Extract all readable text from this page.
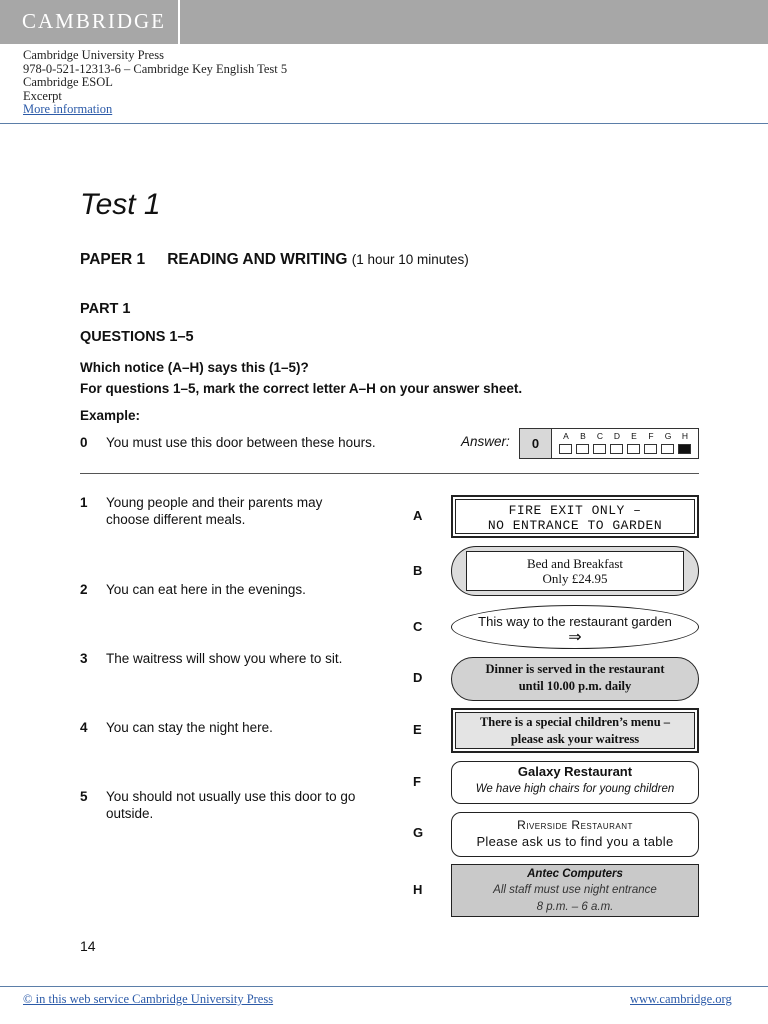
CAMBRIDGE
Cambridge University Press
978-0-521-12313-6 – Cambridge Key English Test 5
Cambridge ESOL
Excerpt
More information
Test 1
PAPER 1 READING AND WRITING (1 hour 10 minutes)
PART 1
QUESTIONS 1–5
Which notice (A–H) says this (1–5)?
For questions 1–5, mark the correct letter A–H on your answer sheet.
Example:
0 You must use this door between these hours.	Answer:	0	A	B	C	D	E	F	G	H
1 Young people and their parents may choose different meals.
2 You can eat here in the evenings.
3 The waitress will show you where to sit.
4 You can stay the night here.
5 You should not usually use this door to go outside.
A
B
C
D
E
F
G
H
FIRE EXIT ONLY –
NO ENTRANCE TO GARDEN
Bed and Breakfast
Only £24.95
This way to the restaurant garden
⇒
Dinner is served in the restaurant
until 10.00 p.m. daily
There is a special children’s menu –
please ask your waitress
Galaxy Restaurant
We have high chairs for young children
Riverside Restaurant
Please ask us to find you a table
Antec Computers
All staff must use night entrance
8 p.m. – 6 a.m.
14
© in this web service Cambridge University Press	www.cambridge.org
